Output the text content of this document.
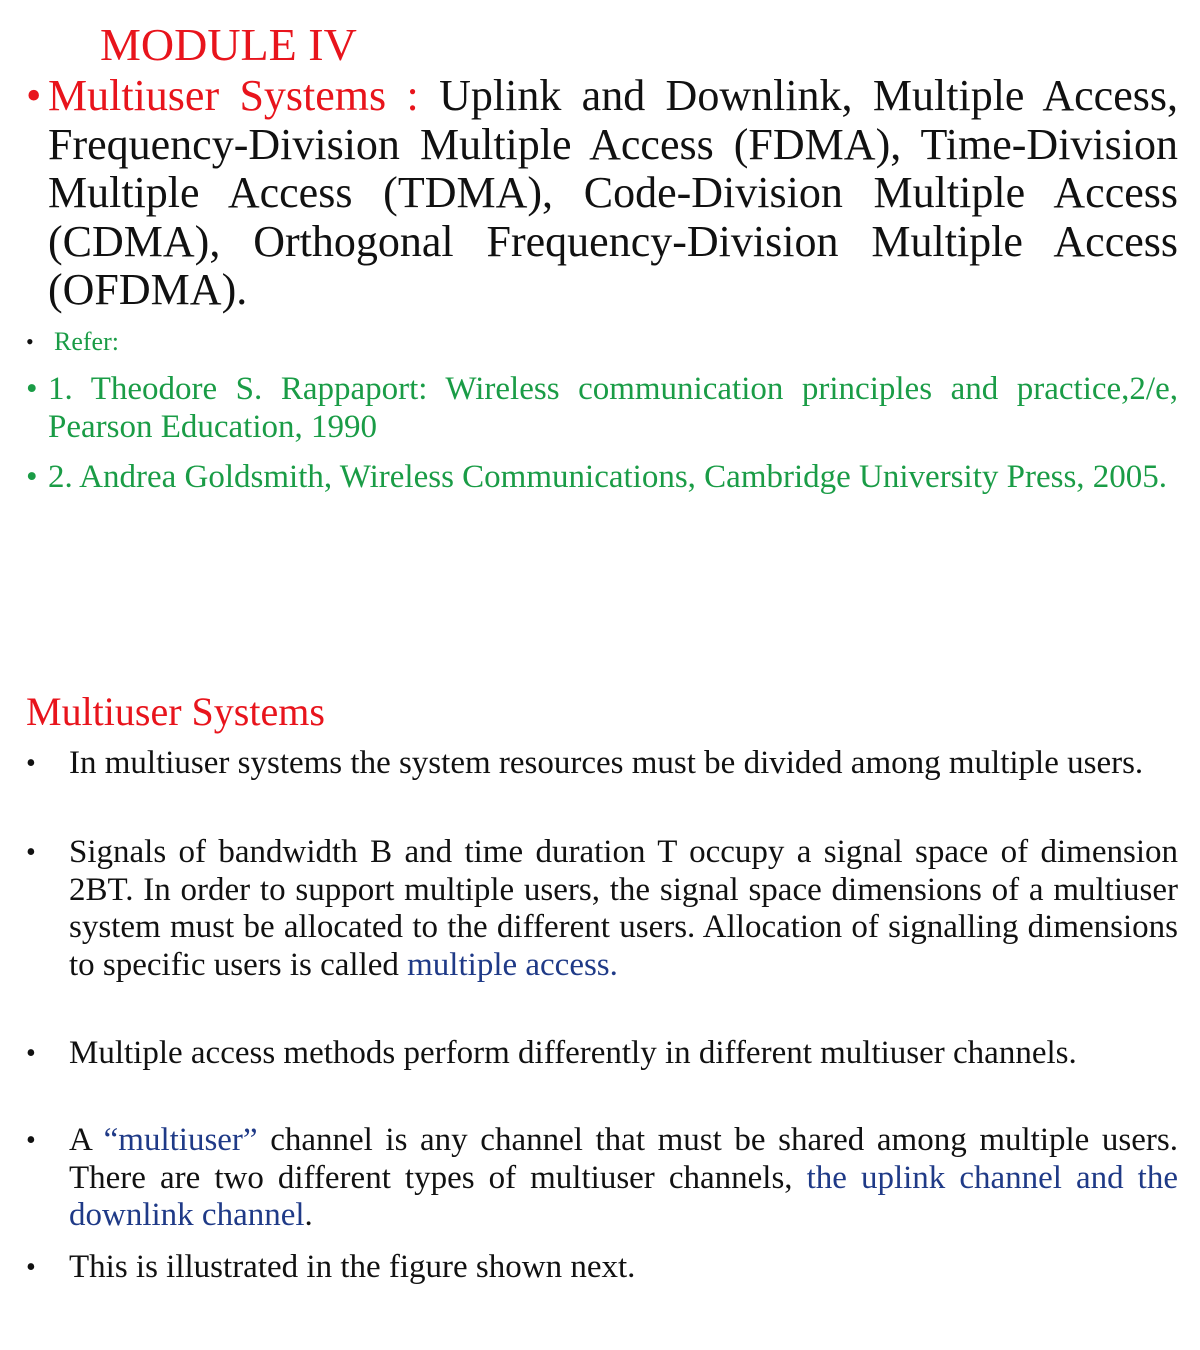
MODULE IV
• Multiuser Systems : Uplink and Downlink, Multiple Access, Frequency-Division Multiple Access (FDMA), Time-Division Multiple Access (TDMA), Code-Division Multiple Access (CDMA), Orthogonal Frequency-Division Multiple Access (OFDMA).
• Refer:
• 1. Theodore S. Rappaport: Wireless communication principles and practice,2/e, Pearson Education, 1990
• 2. Andrea Goldsmith, Wireless Communications, Cambridge University Press, 2005.
Multiuser Systems
• In multiuser systems the system resources must be divided among multiple users.
• Signals of bandwidth B and time duration T occupy a signal space of dimension 2BT. In order to support multiple users, the signal space dimensions of a multiuser system must be allocated to the different users. Allocation of signalling dimensions to specific users is called multiple access.
• Multiple access methods perform differently in different multiuser channels.
• A “multiuser” channel is any channel that must be shared among multiple users. There are two different types of multiuser channels, the uplink channel and the downlink channel.
• This is illustrated in the figure shown next.
